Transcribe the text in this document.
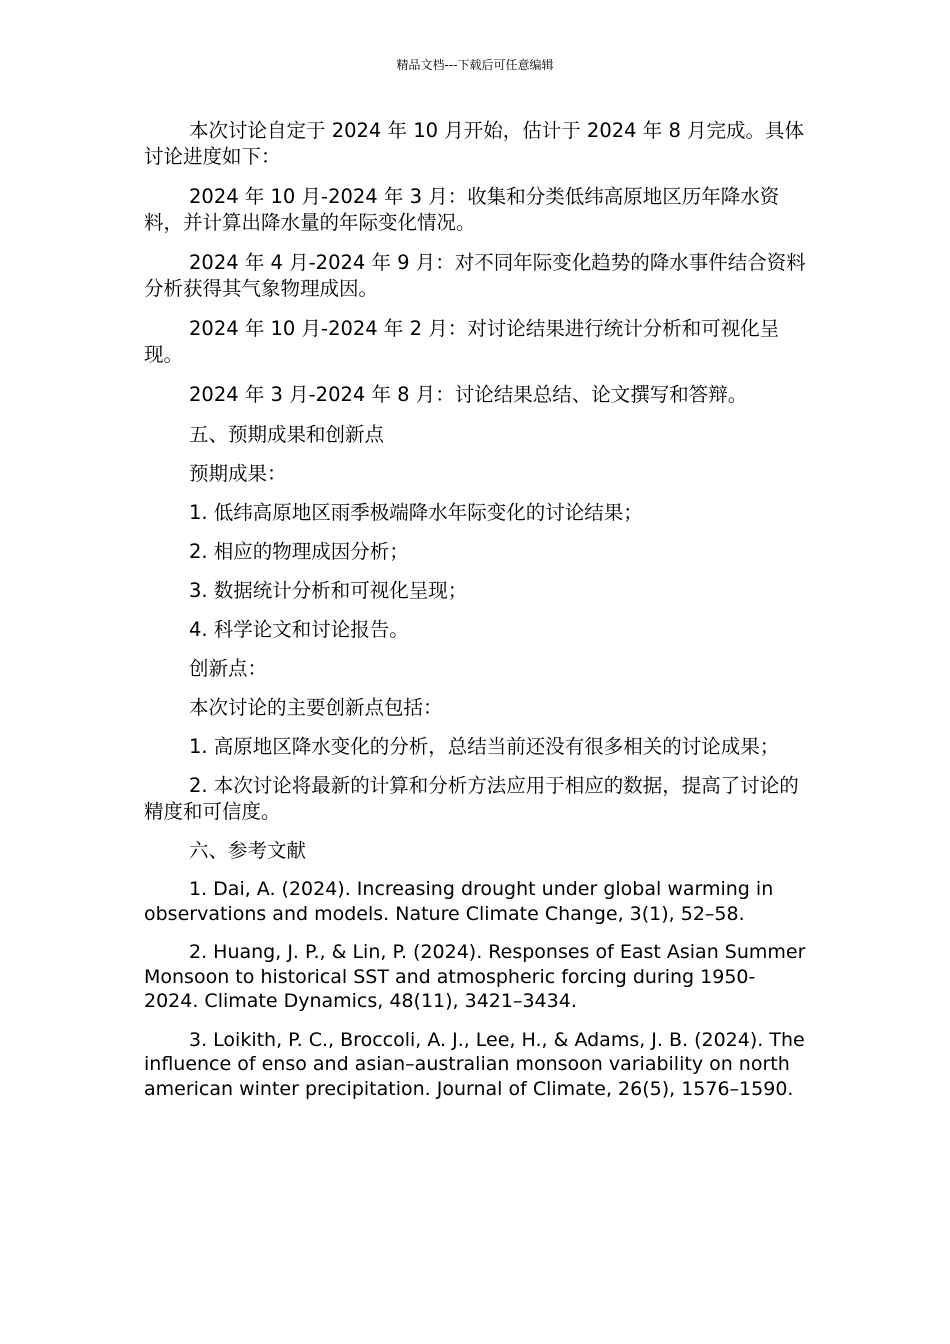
精品文档---下载后可任意编辑

本次讨论自定于 2024 年 10 月开始，估计于 2024 年 8 月完成。具体讨论进度如下：

2024 年 10 月-2024 年 3 月：收集和分类低纬高原地区历年降水资料，并计算出降水量的年际变化情况。

2024 年 4 月-2024 年 9 月：对不同年际变化趋势的降水事件结合资料分析获得其气象物理成因。

2024 年 10 月-2024 年 2 月：对讨论结果进行统计分析和可视化呈现。

2024 年 3 月-2024 年 8 月：讨论结果总结、论文撰写和答辩。

五、预期成果和创新点

预期成果：

1. 低纬高原地区雨季极端降水年际变化的讨论结果；

2. 相应的物理成因分析；

3. 数据统计分析和可视化呈现；

4. 科学论文和讨论报告。

创新点：

本次讨论的主要创新点包括：

1. 高原地区降水变化的分析，总结当前还没有很多相关的讨论成果；

2. 本次讨论将最新的计算和分析方法应用于相应的数据，提高了讨论的精度和可信度。

六、参考文献

1. Dai, A. (2024). Increasing drought under global warming in observations and models. Nature Climate Change, 3(1), 52–58.

2. Huang, J. P., & Lin, P. (2024). Responses of East Asian Summer Monsoon to historical SST and atmospheric forcing during 1950-2024. Climate Dynamics, 48(11), 3421–3434.

3. Loikith, P. C., Broccoli, A. J., Lee, H., & Adams, J. B. (2024). The influence of enso and asian–australian monsoon variability on north american winter precipitation. Journal of Climate, 26(5), 1576–1590.
